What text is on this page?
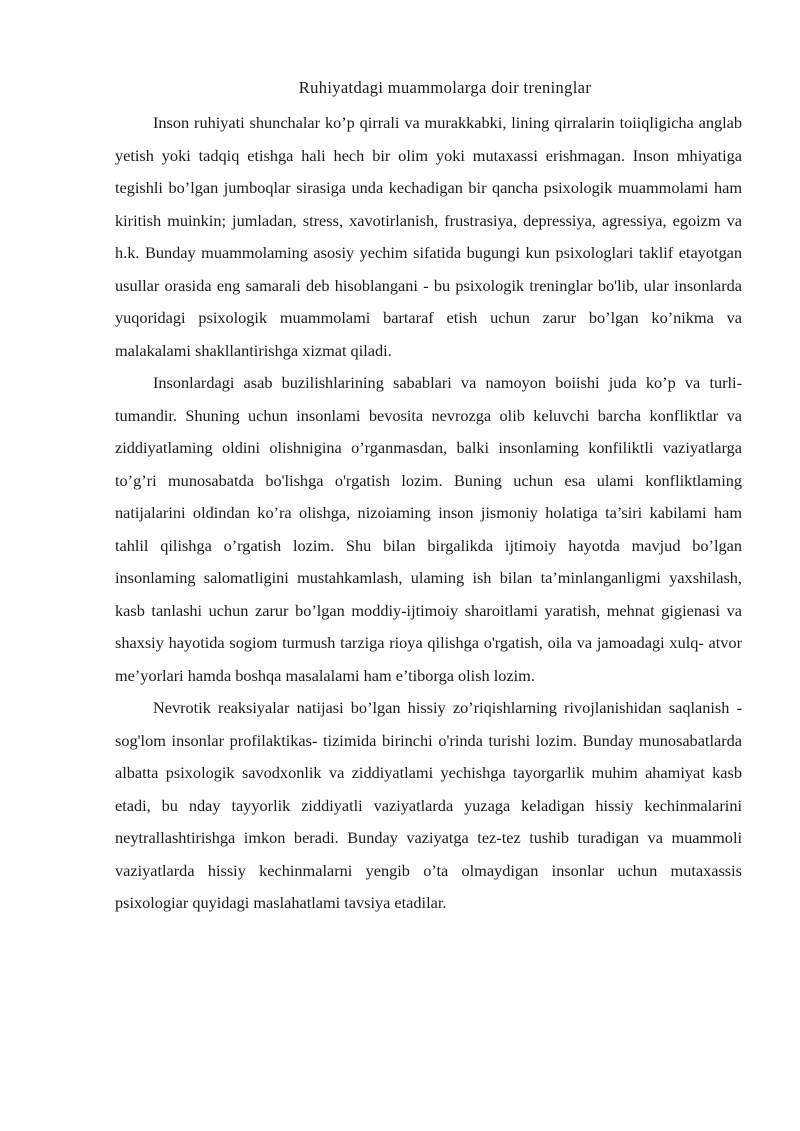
Ruhiyatdagi muammolarga doir treninglar

Inson ruhiyati shunchalar ko’p qirrali va murakkabki, lining qirralarin toiiqligicha anglab yetish yoki tadqiq etishga hali hech bir olim yoki mutaxassi erishmagan. Inson mhiyatiga tegishli bo’lgan jumboqlar sirasiga unda kechadigan bir qancha psixologik muammolami ham kiritish muinkin; jumladan, stress, xavotirlanish, frustrasiya, depressiya, agressiya, egoizm va h.k. Bunday muammolaming asosiy yechim sifatida bugungi kun psixologlari taklif etayotgan usullar orasida eng samarali deb hisoblangani - bu psixologik treninglar bo'lib, ular insonlarda yuqoridagi psixologik muammolami bartaraf etish uchun zarur bo’lgan ko’nikma va malakalami shakllantirishga xizmat qiladi.

Insonlardagi asab buzilishlarining sabablari va namoyon boiishi juda ko’p va turli-tumandir. Shuning uchun insonlami bevosita nevrozga olib keluvchi barcha konfliktlar va ziddiyatlaming oldini olishnigina o’rganmasdan, balki insonlaming konfiliktli vaziyatlarga to’g’ri munosabatda bo'lishga o'rgatish lozim. Buning uchun esa ulami konfliktlaming natijalarini oldindan ko’ra olishga, nizoiaming inson jismoniy holatiga ta’siri kabilami ham tahlil qilishga o’rgatish lozim. Shu bilan birgalikda ijtimoiy hayotda mavjud bo’lgan insonlaming salomatligini mustahkamlash, ulaming ish bilan ta’minlanganligmi yaxshilash, kasb tanlashi uchun zarur bo’lgan moddiy-ijtimoiy sharoitlami yaratish, mehnat gigienasi va shaxsiy hayotida sogiom turmush tarziga rioya qilishga o'rgatish, oila va jamoadagi xulq- atvor me’yorlari hamda boshqa masalalami ham e’tiborga olish lozim.

Nevrotik reaksiyalar natijasi bo’lgan hissiy zo’riqishlarning rivojlanishidan saqlanish - sog'lom insonlar profilaktikas- tizimida birinchi o'rinda turishi lozim. Bunday munosabatlarda albatta psixologik savodxonlik va ziddiyatlami yechishga tayorgarlik muhim ahamiyat kasb etadi, bu nday tayyorlik ziddiyatli vaziyatlarda yuzaga keladigan hissiy kechinmalarini neytrallashtirishga imkon beradi. Bunday vaziyatga tez-tez tushib turadigan va muammoli vaziyatlarda hissiy kechinmalarni yengib o’ta olmaydigan insonlar uchun mutaxassis psixologiar quyidagi maslahatlami tavsiya etadilar.
